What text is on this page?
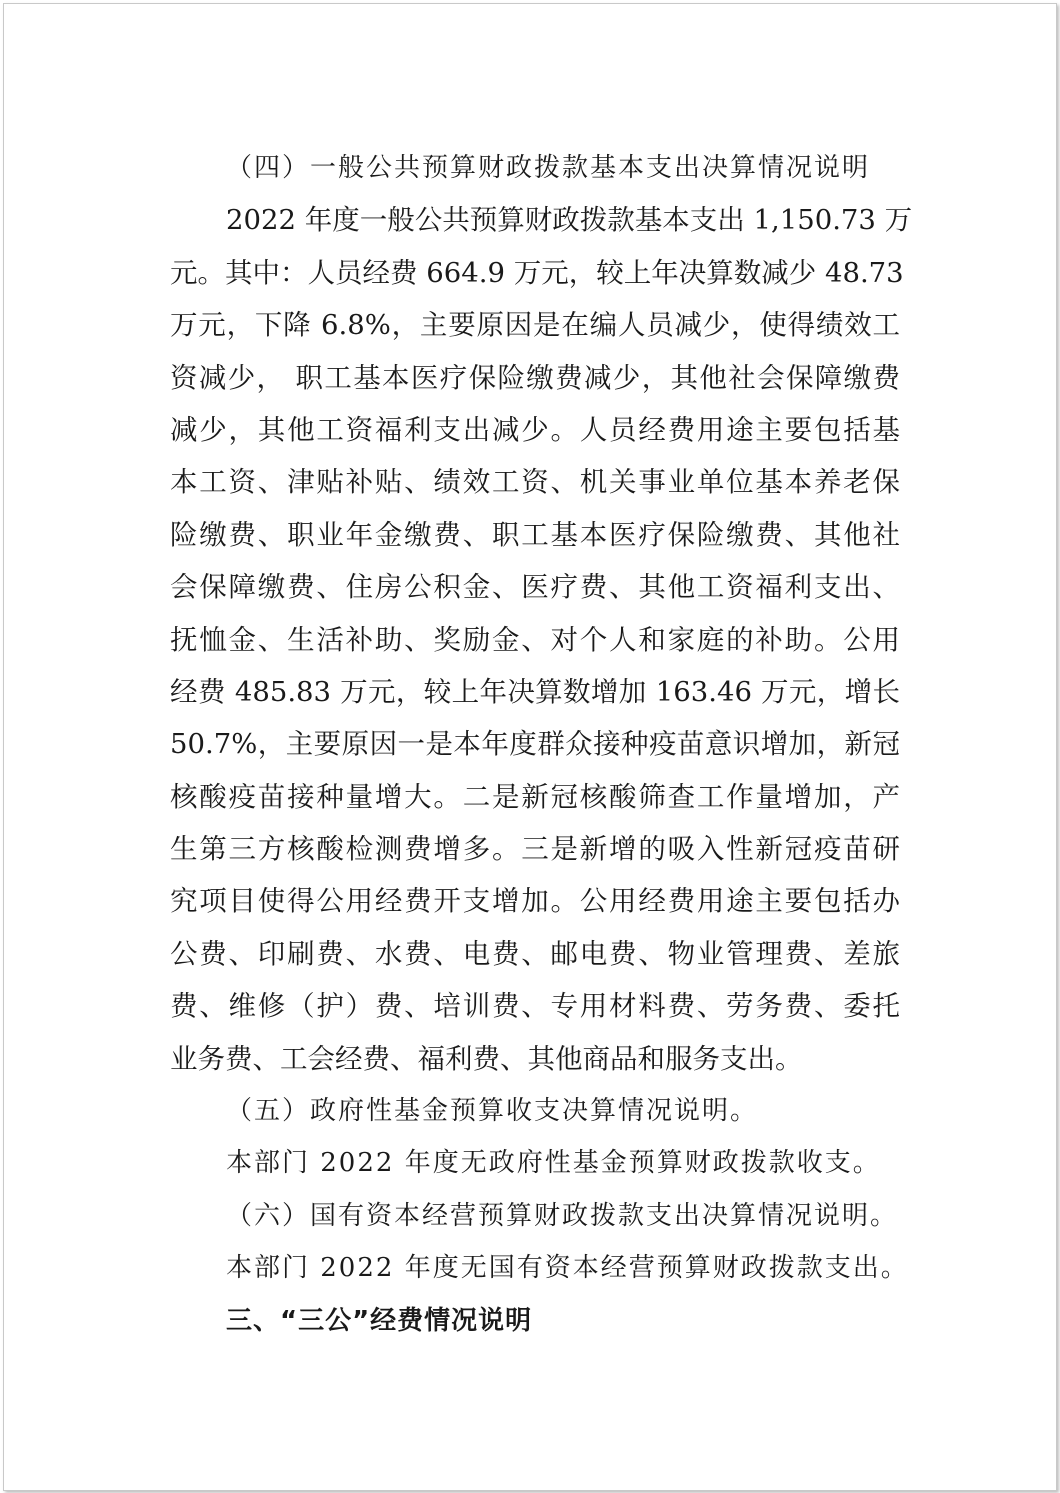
（四）一般公共预算财政拨款基本支出决算情况说明
2022 年度一般公共预算财政拨款基本支出 1,150.73 万
元。其中：人员经费 664.9 万元，较上年决算数减少 48.73
万元，下降 6.8%，主要原因是在编人员减少，使得绩效工
资减少， 职工基本医疗保险缴费减少，其他社会保障缴费
减少，其他工资福利支出减少。人员经费用途主要包括基
本工资、津贴补贴、绩效工资、机关事业单位基本养老保
险缴费、职业年金缴费、职工基本医疗保险缴费、其他社
会保障缴费、住房公积金、医疗费、其他工资福利支出、
抚恤金、生活补助、奖励金、对个人和家庭的补助。公用
经费 485.83 万元，较上年决算数增加 163.46 万元，增长
50.7%，主要原因一是本年度群众接种疫苗意识增加，新冠
核酸疫苗接种量增大。二是新冠核酸筛查工作量增加，产
生第三方核酸检测费增多。三是新增的吸入性新冠疫苗研
究项目使得公用经费开支增加。公用经费用途主要包括办
公费、印刷费、水费、电费、邮电费、物业管理费、差旅
费、维修（护）费、培训费、专用材料费、劳务费、委托
业务费、工会经费、福利费、其他商品和服务支出。
（五）政府性基金预算收支决算情况说明。
本部门 2022 年度无政府性基金预算财政拨款收支。
（六）国有资本经营预算财政拨款支出决算情况说明。
本部门 2022 年度无国有资本经营预算财政拨款支出。
三、“三公”经费情况说明
